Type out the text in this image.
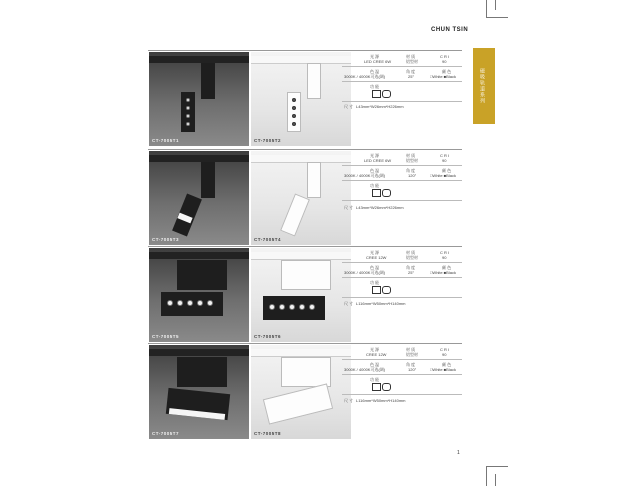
CHUN TSIN
磁吸轨道系列
CT-7005T1	CT-7005T2
光 源	材 质	C R I
LED CREE 6W	铝型材	90
色 温	角 度	颜 色
3000K / 4000K可选(调)	25°	□White ■Black
功 能
尺 寸 L43mm*W26mm*H226mm
CT-7005T3	CT-7005T4
光 源	材 质	C R I
LED CREE 6W	铝型材	90
色 温	角 度	颜 色
3000K / 4000K可选(调)	120°	□White ■Black
功 能
尺 寸 L43mm*W26mm*H226mm
CT-7005T5	CT-7005T6
光 源	材 质	C R I
CREE 12W	铝型材	90
色 温	角 度	颜 色
3000K / 4000K可选(调)	25°	□White ■Black
功 能
尺 寸 L116mm*W50mm*H140mm
CT-7005T7	CT-7005T8
光 源	材 质	C R I
CREE 12W	铝型材	90
色 温	角 度	颜 色
3000K / 4000K可选(调)	120°	□White ■Black
功 能
尺 寸 L116mm*W50mm*H140mm
1
